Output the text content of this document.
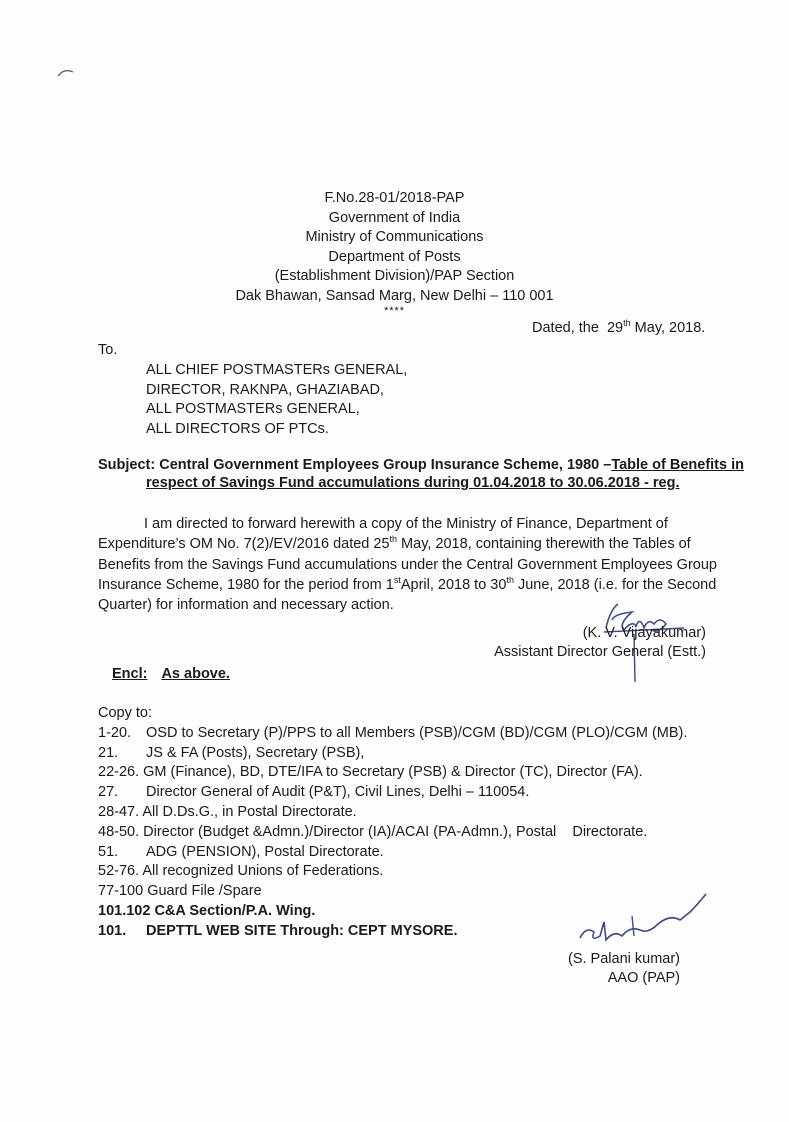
F.No.28-01/2018-PAP
Government of India
Ministry of Communications
Department of Posts
(Establishment Division)/PAP Section
Dak Bhawan, Sansad Marg, New Delhi – 110 001
****
Dated, the 29th May, 2018.
To.
ALL CHIEF POSTMASTERs GENERAL,
DIRECTOR, RAKNPA, GHAZIABAD,
ALL POSTMASTERs GENERAL,
ALL DIRECTORS OF PTCs.
Subject: Central Government Employees Group Insurance Scheme, 1980 –Table of Benefits in
respect of Savings Fund accumulations during 01.04.2018 to 30.06.2018 - reg.
I am directed to forward herewith a copy of the Ministry of Finance, Department of
Expenditure’s OM No. 7(2)/EV/2016 dated 25th May, 2018, containing therewith the Tables of
Benefits from the Savings Fund accumulations under the Central Government Employees Group
Insurance Scheme, 1980 for the period from 1stApril, 2018 to 30th June, 2018 (i.e. for the Second
Quarter) for information and necessary action.
(K. V. Vijayakumar)
Assistant Director General (Estt.)
Encl: As above.
Copy to:
1-20. OSD to Secretary (P)/PPS to all Members (PSB)/CGM (BD)/CGM (PLO)/CGM (MB).
21. JS & FA (Posts), Secretary (PSB),
22-26. GM (Finance), BD, DTE/IFA to Secretary (PSB) & Director (TC), Director (FA).
27. Director General of Audit (P&T), Civil Lines, Delhi – 110054.
28-47. All D.Ds.G., in Postal Directorate.
48-50. Director (Budget &Admn.)/Director (IA)/ACAI (PA-Admn.), Postal    Directorate.
51. ADG (PENSION), Postal Directorate.
52-76. All recognized Unions of Federations.
77-100 Guard File /Spare
101.102 C&A Section/P.A. Wing.
101. DEPTTL WEB SITE Through: CEPT MYSORE.
(S. Palani kumar)
AAO (PAP)
